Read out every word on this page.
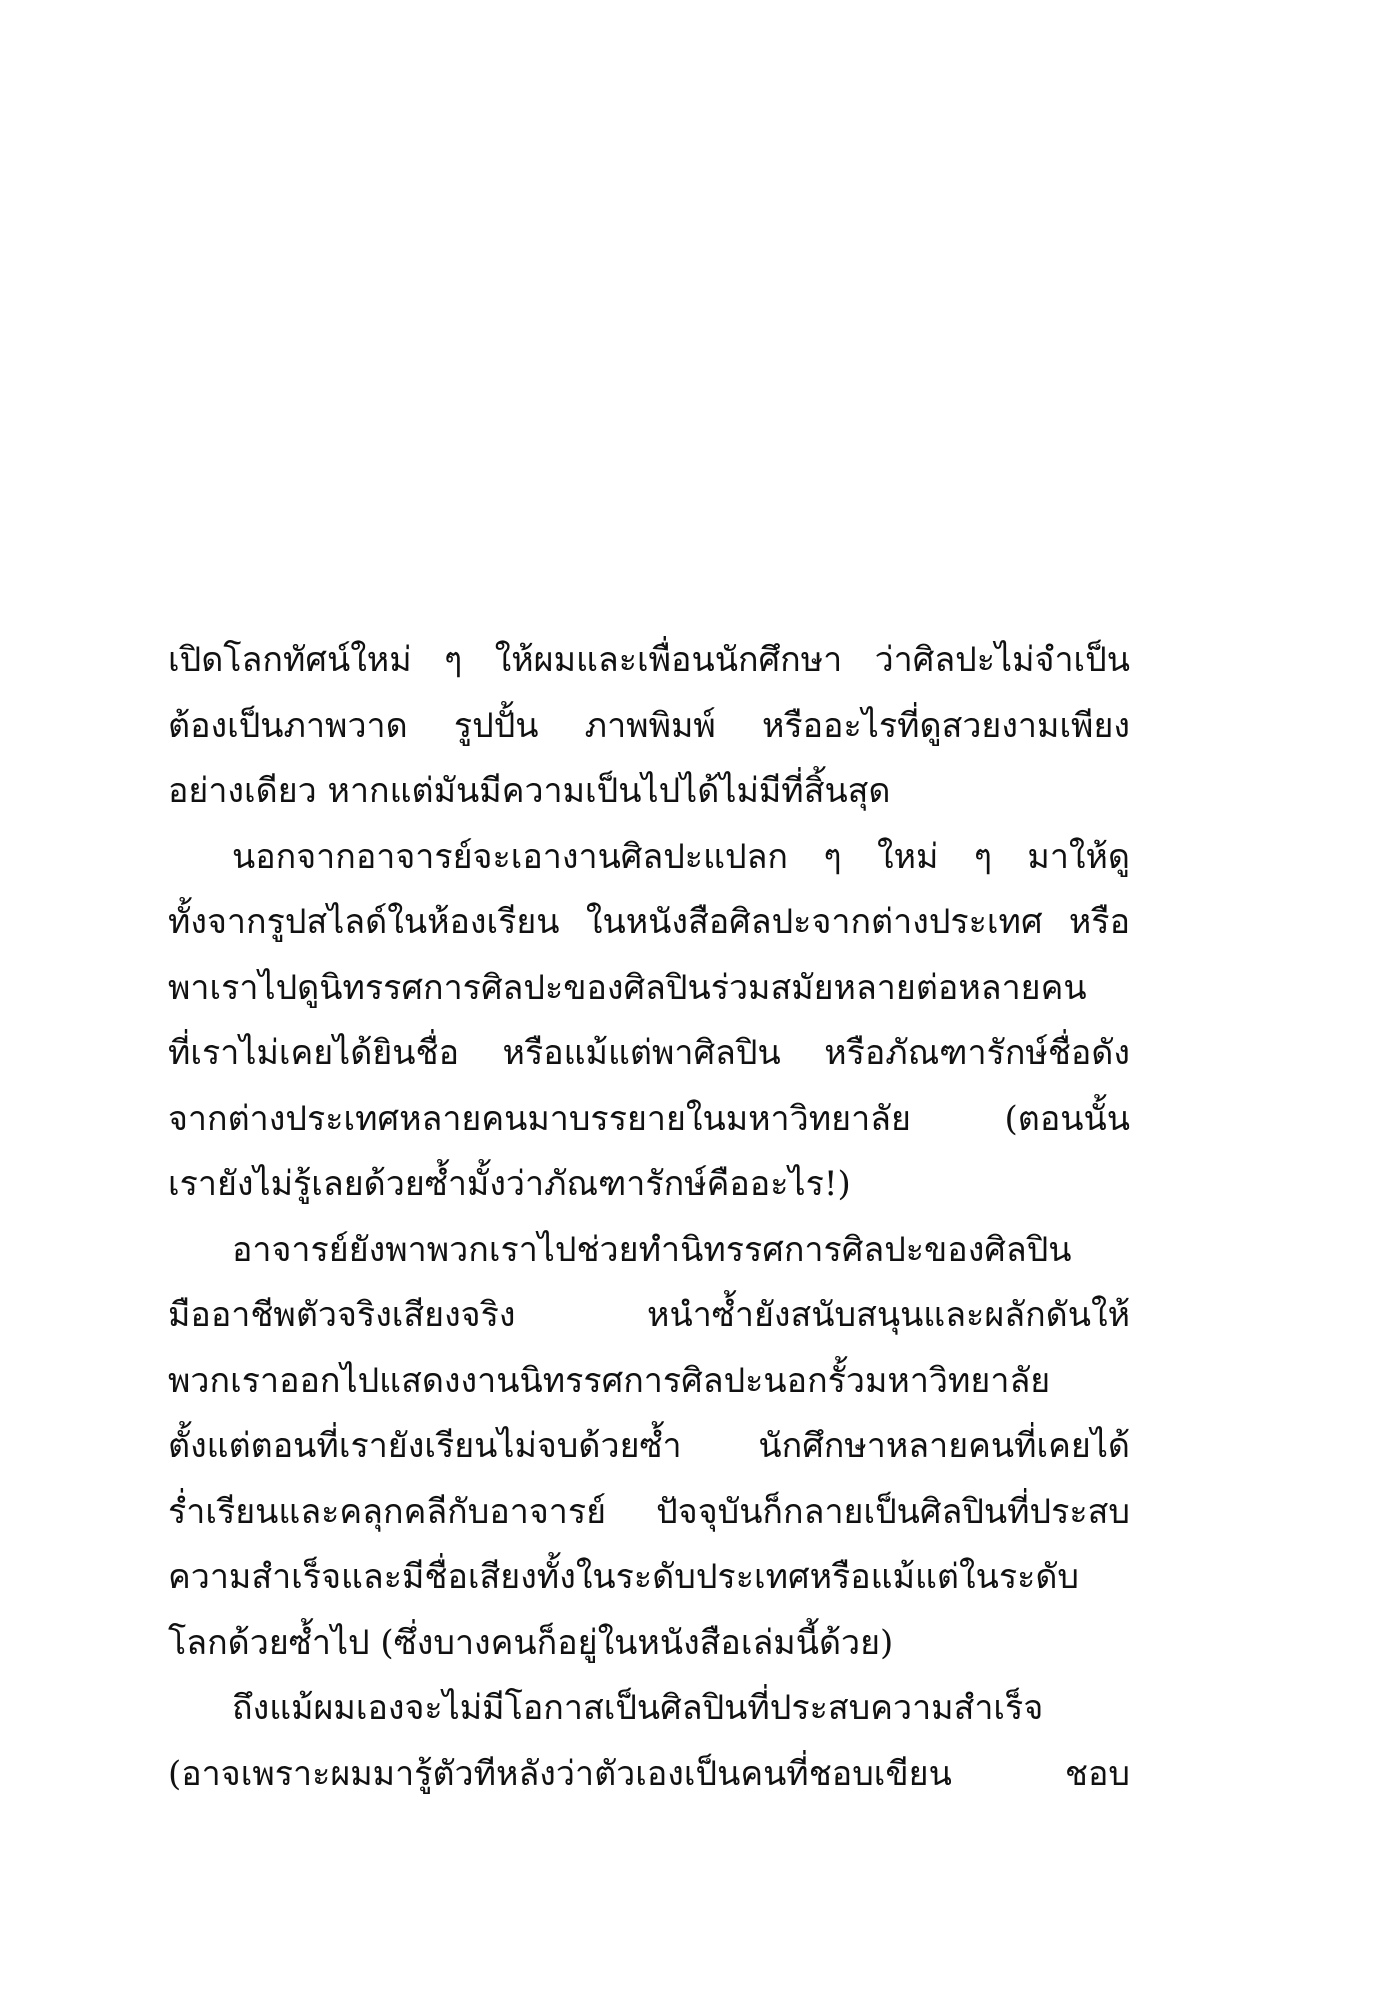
เปิดโลกทัศน์ใหม่ ๆ ให้ผมและเพื่อนนักศึกษา ว่าศิลปะไม่จำเป็น
ต้องเป็นภาพวาด รูปปั้น ภาพพิมพ์ หรืออะไรที่ดูสวยงามเพียง
อย่างเดียว หากแต่มันมีความเป็นไปได้ไม่มีที่สิ้นสุด
นอกจากอาจารย์จะเอางานศิลปะแปลก ๆ ใหม่ ๆ มาให้ดู
ทั้งจากรูปสไลด์ในห้องเรียน ในหนังสือศิลปะจากต่างประเทศ หรือ
พาเราไปดูนิทรรศการศิลปะของศิลปินร่วมสมัยหลายต่อหลายคน
ที่เราไม่เคยได้ยินชื่อ หรือแม้แต่พาศิลปิน หรือภัณฑารักษ์ชื่อดัง
จากต่างประเทศหลายคนมาบรรยายในมหาวิทยาลัย (ตอนนั้น
เรายังไม่รู้เลยด้วยซ้ำมั้งว่าภัณฑารักษ์คืออะไร!)
อาจารย์ยังพาพวกเราไปช่วยทำนิทรรศการศิลปะของศิลปิน
มืออาชีพตัวจริงเสียงจริง หนำซ้ำยังสนับสนุนและผลักดันให้
พวกเราออกไปแสดงงานนิทรรศการศิลปะนอกรั้วมหาวิทยาลัย
ตั้งแต่ตอนที่เรายังเรียนไม่จบด้วยซ้ำ นักศึกษาหลายคนที่เคยได้
ร่ำเรียนและคลุกคลีกับอาจารย์ ปัจจุบันก็กลายเป็นศิลปินที่ประสบ
ความสำเร็จและมีชื่อเสียงทั้งในระดับประเทศหรือแม้แต่ในระดับ
โลกด้วยซ้ำไป (ซึ่งบางคนก็อยู่ในหนังสือเล่มนี้ด้วย)
ถึงแม้ผมเองจะไม่มีโอกาสเป็นศิลปินที่ประสบความสำเร็จ
(อาจเพราะผมมารู้ตัวทีหลังว่าตัวเองเป็นคนที่ชอบเขียน ชอบ
